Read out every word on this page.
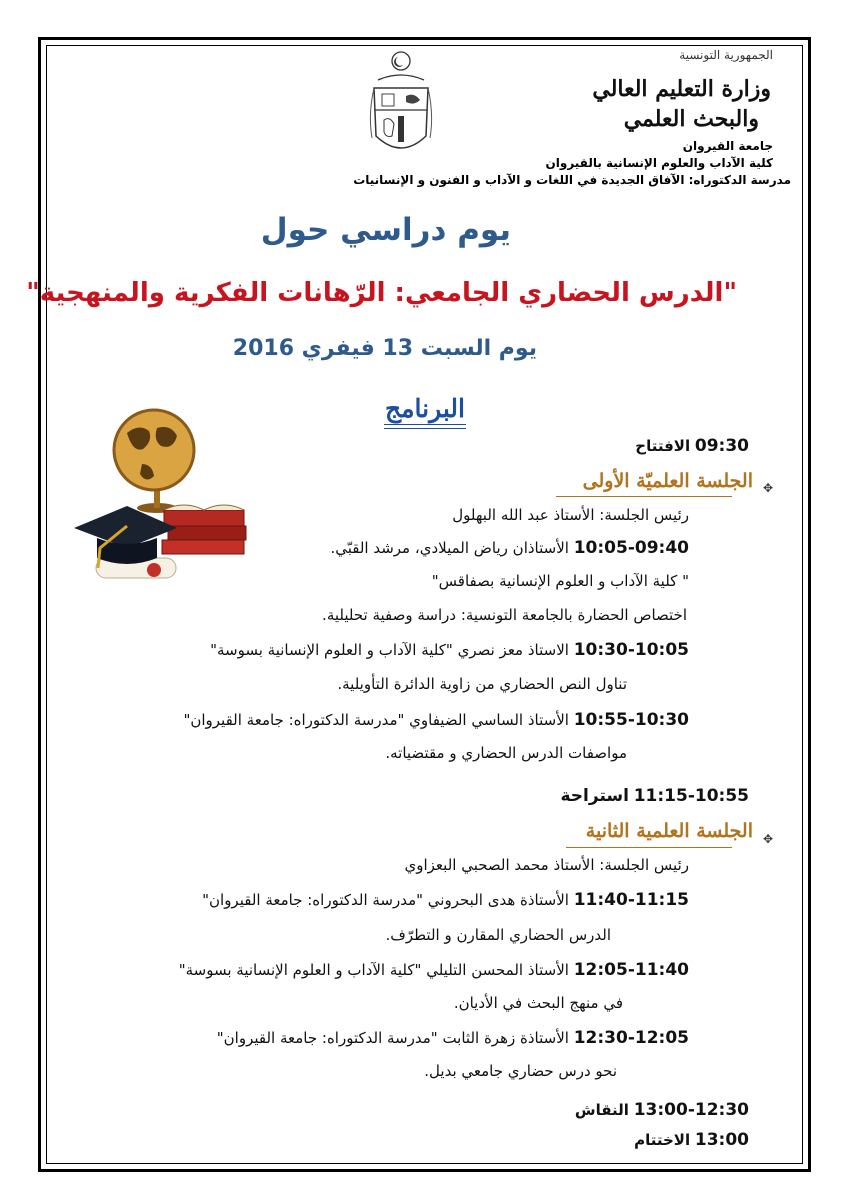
الجمهورية التونسية
وزارة التعليم العالي
والبحث العلمي
جامعة القيروان
كلية الآداب والعلوم الإنسانية بالقيروان
مدرسة الدكتوراه: الآفاق الجديدة في اللغات و الآداب و الفنون و الإنسانيات
يوم دراسي حول
"الدرس الحضاري الجامعي: الرّهانات الفكرية والمنهجية"
يوم السبت 13 فيفري 2016
البرنامج
09:30 الافتتاح
✥
الجلسة العلميّة الأولى
رئيس الجلسة: الأستاذ عبد الله البهلول
10:05-09:40 الأستاذان رياض الميلادي، مرشد القبّي.
" كلية الآداب و العلوم الإنسانية بصفاقس"
اختصاص الحضارة بالجامعة التونسية: دراسة وصفية تحليلية.
10:30-10:05 الاستاذ معز نصري "كلية الآداب و العلوم الإنسانية بسوسة"
تناول النص الحضاري من زاوية الدائرة التأويلية.
10:55-10:30 الأستاذ الساسي الضيفاوي "مدرسة الدكتوراه: جامعة القيروان"
مواصفات الدرس الحضاري و مقتضياته.
11:15-10:55 استراحة
✥
الجلسة العلمية الثانية
رئيس الجلسة: الأستاذ محمد الصحبي البعزاوي
11:40-11:15 الأستاذة هدى البحروني "مدرسة الدكتوراه: جامعة القيروان"
الدرس الحضاري المقارن و التطرّف.
12:05-11:40 الأستاذ المحسن التليلي "كلية الآداب و العلوم الإنسانية بسوسة"
في منهج البحث في الأديان.
12:30-12:05 الأستاذة زهرة الثابت "مدرسة الدكتوراه: جامعة القيروان"
نحو درس حضاري جامعي بديل.
13:00-12:30 النقاش
13:00 الاختتام
